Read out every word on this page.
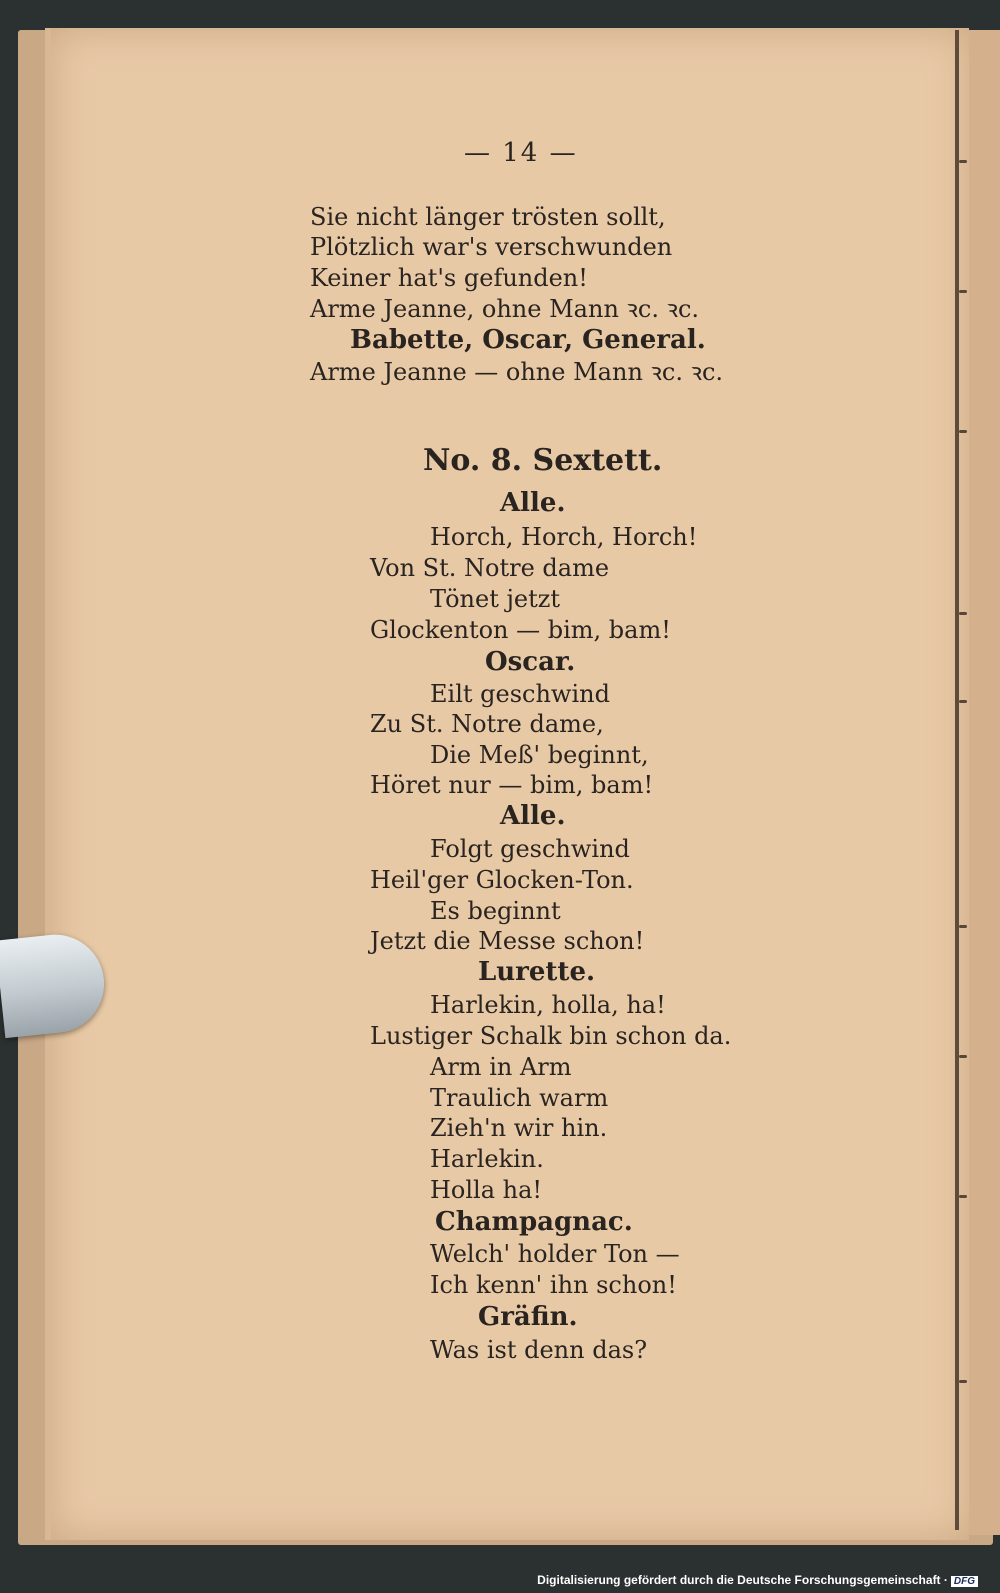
— 14 —
Sie nicht länger trösten sollt,
Plötzlich war's verschwunden
Keiner hat's gefunden!
Arme Jeanne, ohne Mann ꝛc. ꝛc.
Babette, Oscar, General.
Arme Jeanne — ohne Mann ꝛc. ꝛc.
No. 8. Sextett.
Alle.
Horch, Horch, Horch!
Von St. Notre dame
Tönet jetzt
Glockenton — bim, bam!
Oscar.
Eilt geschwind
Zu St. Notre dame,
Die Meß' beginnt,
Höret nur — bim, bam!
Alle.
Folgt geschwind
Heil'ger Glocken-Ton.
Es beginnt
Jetzt die Messe schon!
Lurette.
Harlekin, holla, ha!
Lustiger Schalk bin schon da.
Arm in Arm
Traulich warm
Zieh'n wir hin.
Harlekin.
Holla ha!
Champagnac.
Welch' holder Ton —
Ich kenn' ihn schon!
Gräfin.
Was ist denn das?
Digitalisierung gefördert durch die Deutsche Forschungsgemeinschaft · DFG
